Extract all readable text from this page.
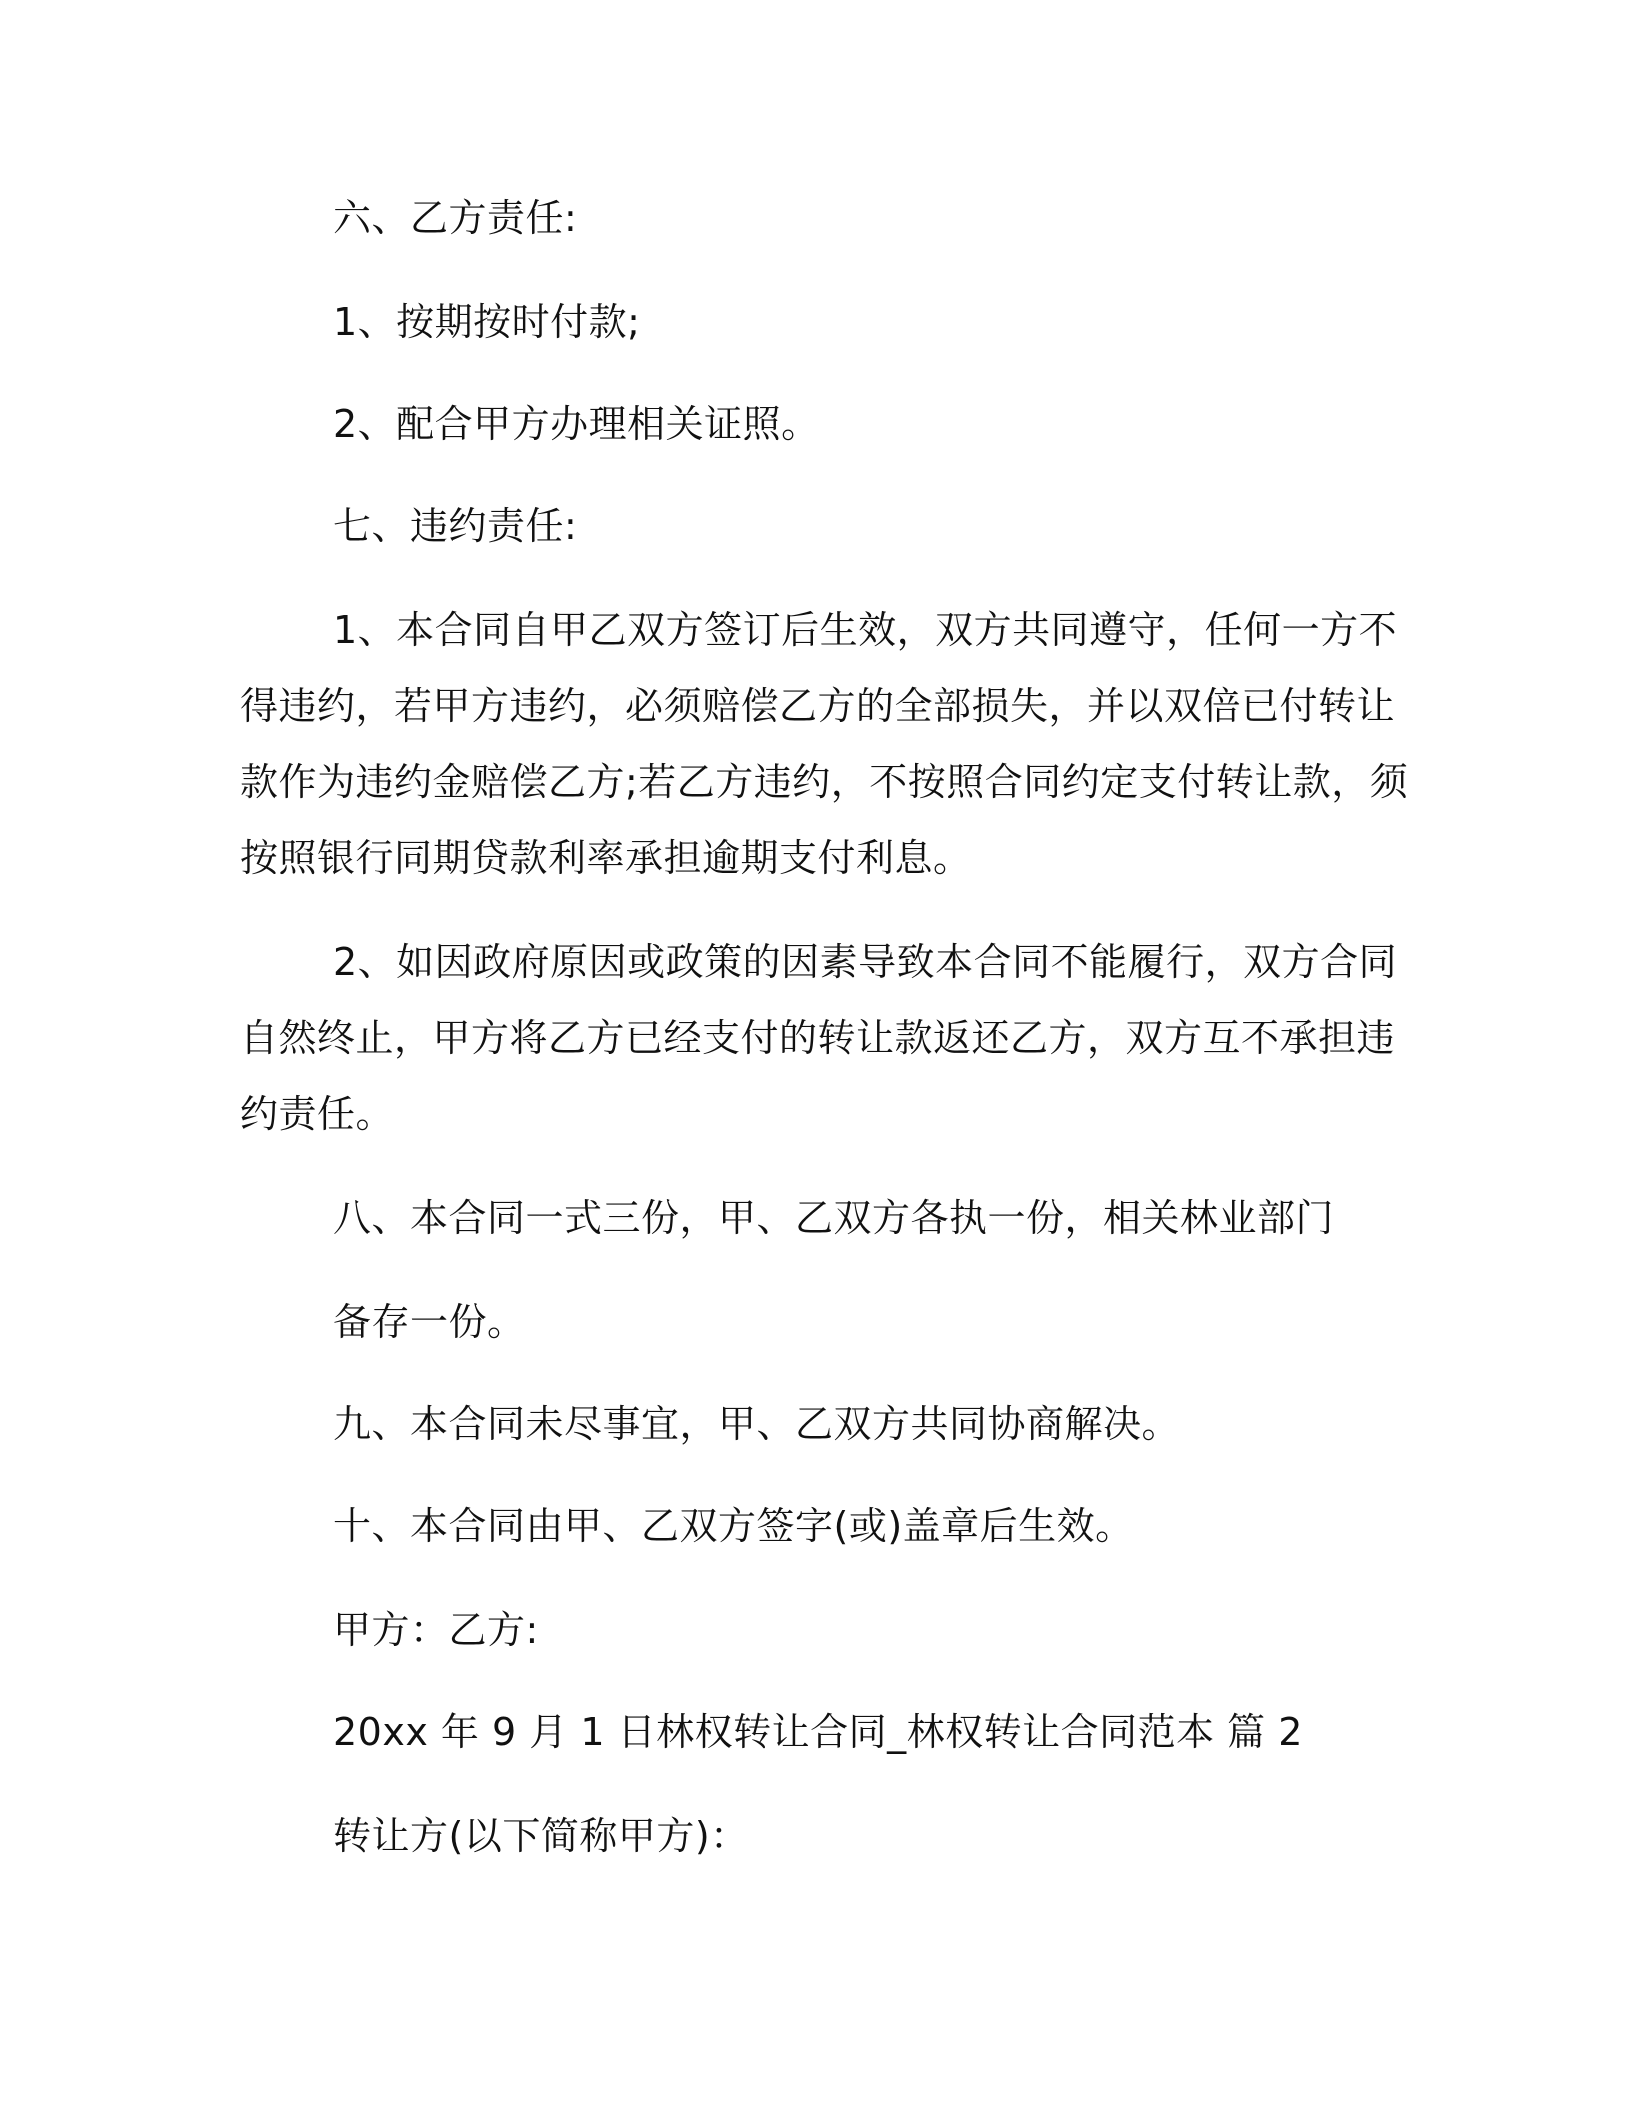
六、乙方责任:

1、按期按时付款;

2、配合甲方办理相关证照。

七、违约责任:

1、本合同自甲乙双方签订后生效，双方共同遵守，任何一方不

得违约，若甲方违约，必须赔偿乙方的全部损失，并以双倍已付转让

款作为违约金赔偿乙方;若乙方违约，不按照合同约定支付转让款，须

按照银行同期贷款利率承担逾期支付利息。

2、如因政府原因或政策的因素导致本合同不能履行，双方合同

自然终止，甲方将乙方已经支付的转让款返还乙方，双方互不承担违

约责任。

八、本合同一式三份，甲、乙双方各执一份，相关林业部门

备存一份。

九、本合同未尽事宜，甲、乙双方共同协商解决。

十、本合同由甲、乙双方签字(或)盖章后生效。

甲方：乙方:

20xx 年 9 月 1 日林权转让合同_林权转让合同范本 篇 2

转让方(以下简称甲方)：
